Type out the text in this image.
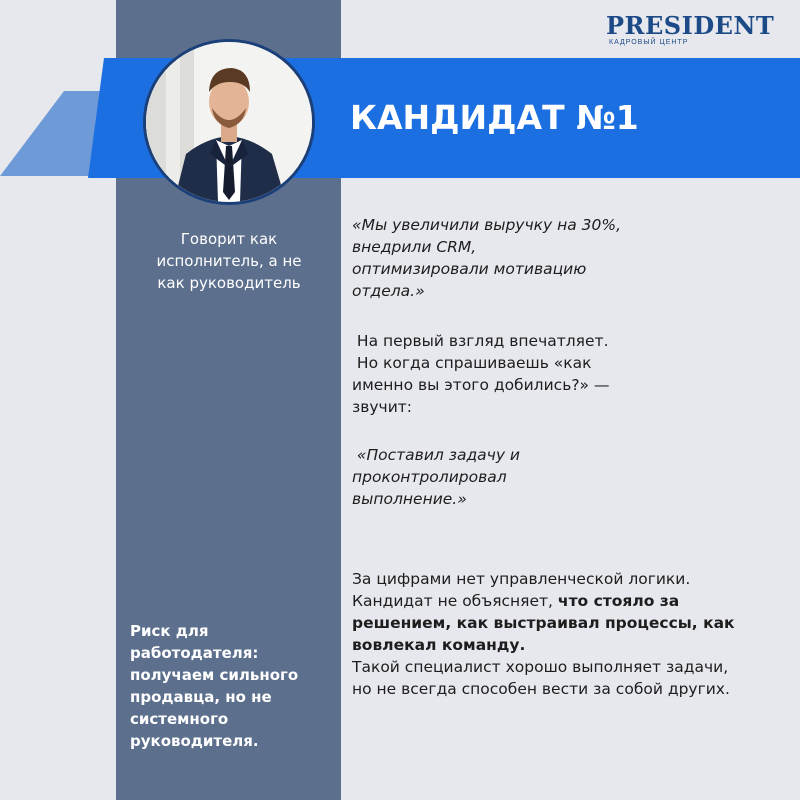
PRESIDENT
КАДРОВЫЙ ЦЕНТР
КАНДИДАТ №1
Говорит как
исполнитель, а не
как руководитель
Риск для
работодателя:
получаем сильного
продавца, но не
системного
руководителя.
«Мы увеличили выручку на 30%,
внедрили CRM,
оптимизировали мотивацию
отдела.»
На первый взгляд впечатляет.
Но когда спрашиваешь «как
именно вы этого добились?» —
звучит:
«Поставил задачу и
проконтролировал
выполнение.»
За цифрами нет управленческой логики.
Кандидат не объясняет, что стояло за
решением, как выстраивал процессы, как
вовлекал команду.
Такой специалист хорошо выполняет задачи,
но не всегда способен вести за собой других.
